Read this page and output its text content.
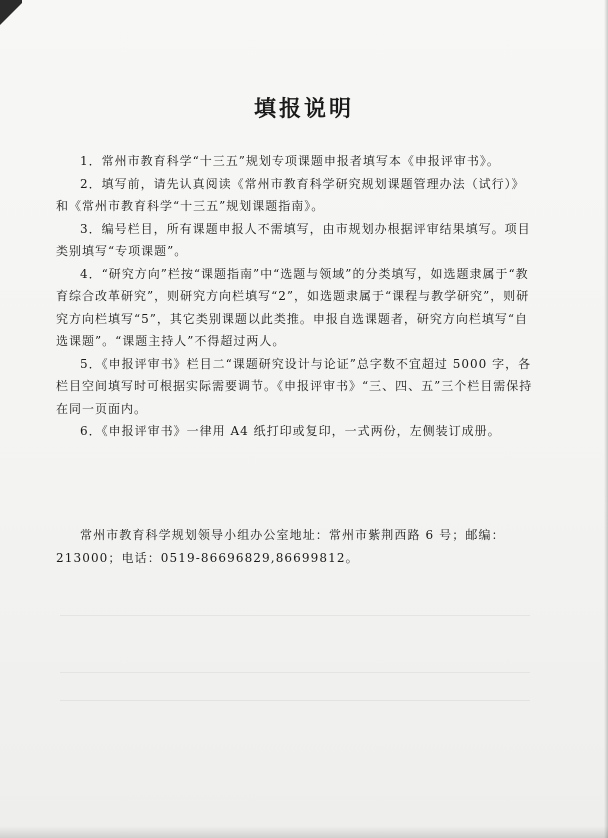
填报说明

1．常州市教育科学“十三五”规划专项课题申报者填写本《申报评审书》。

2．填写前，请先认真阅读《常州市教育科学研究规划课题管理办法（试行）》和《常州市教育科学“十三五”规划课题指南》。

3．编号栏目，所有课题申报人不需填写，由市规划办根据评审结果填写。项目类别填写“专项课题”。

4．“研究方向”栏按“课题指南”中“选题与领域”的分类填写，如选题隶属于“教育综合改革研究”，则研究方向栏填写“2”，如选题隶属于“课程与教学研究”，则研究方向栏填写“5”，其它类别课题以此类推。申报自选课题者，研究方向栏填写“自选课题”。“课题主持人”不得超过两人。

5．《申报评审书》栏目二“课题研究设计与论证”总字数不宜超过 5000 字，各栏目空间填写时可根据实际需要调节。《申报评审书》“三、四、五”三个栏目需保持在同一页面内。

6．《申报评审书》一律用 A4 纸打印或复印，一式两份，左侧装订成册。

常州市教育科学规划领导小组办公室地址：常州市紫荆西路 6 号；邮编：213000；电话：0519-86696829,86699812。
